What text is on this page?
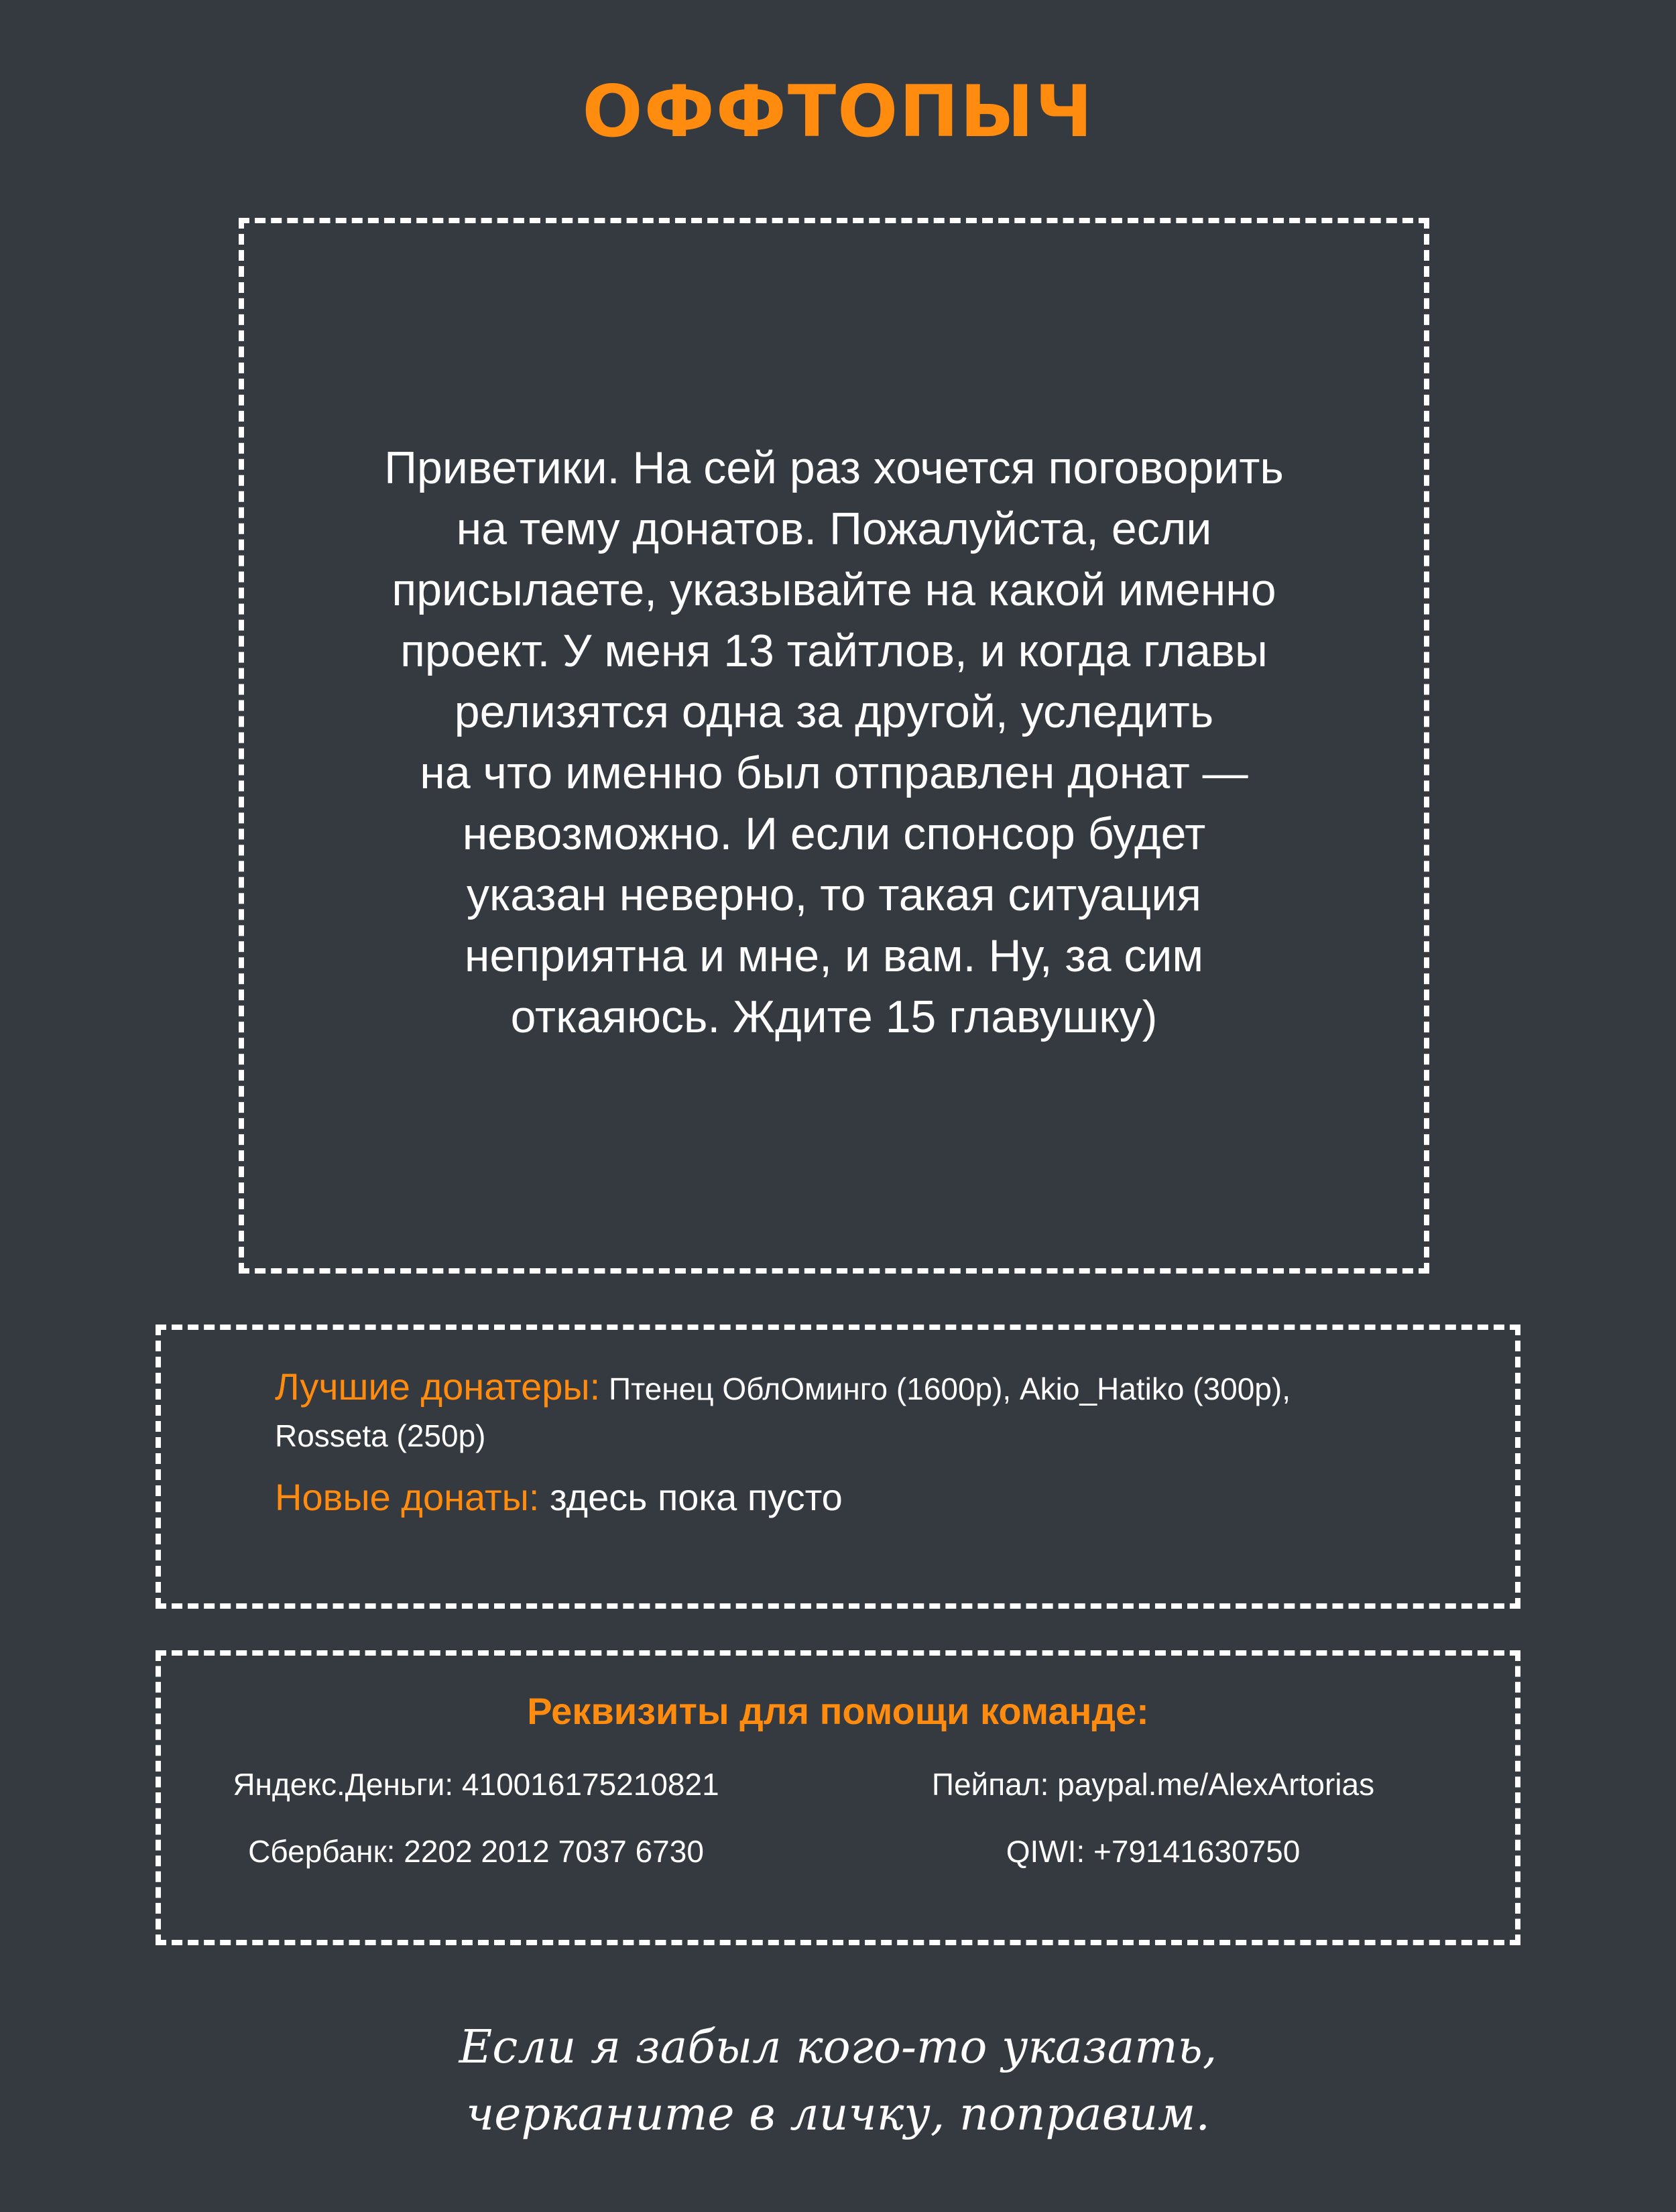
ОФФТОПЫЧ
Приветики. На сей раз хочется поговорить
на тему донатов. Пожалуйста, если
присылаете, указывайте на какой именно
проект. У меня 13 тайтлов, и когда главы
релизятся одна за другой, уследить
на что именно был отправлен донат —
невозможно. И если спонсор будет
указан неверно, то такая ситуация
неприятна и мне, и вам. Ну, за сим
откаяюсь. Ждите 15 главушку)
Лучшие донатеры: Птенец ОблОминго (1600р), Akio_Hatiko (300р),
Rosseta (250р)
Новые донаты: здесь пока пусто
Реквизиты для помощи команде:
Яндекс.Деньги: 410016175210821	Пейпал: paypal.me/AlexArtorias
Сбербанк: 2202 2012 7037 6730	QIWI: +79141630750
Если я забыл кого-то указать,
черканите в личку, поправим.
